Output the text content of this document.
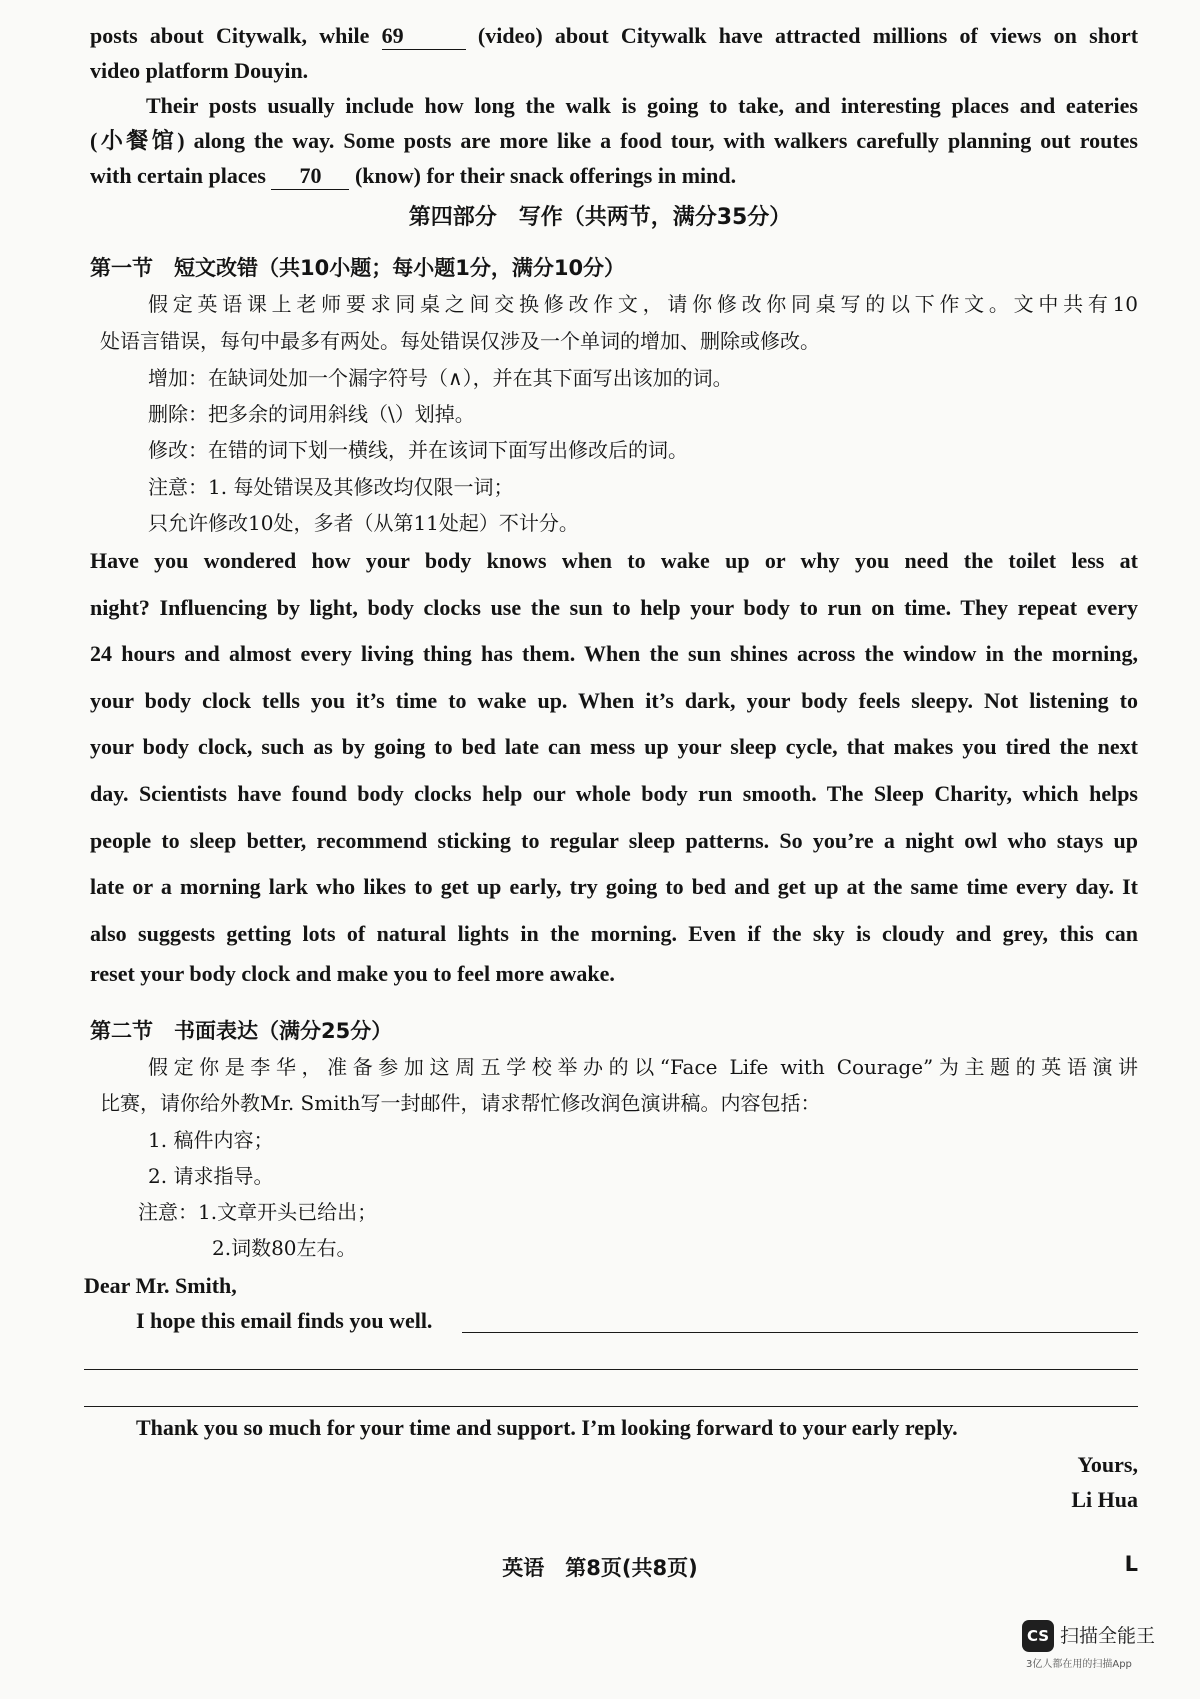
posts about Citywalk, while 69	(video) about Citywalk have attracted millions of views on short
video platform Douyin.
Their posts usually include how long the walk is going to take, and interesting places and eateries
(小餐馆) along the way. Some posts are more like a food tour, with walkers carefully planning out routes
with certain places 70 (know) for their snack offerings in mind.
第四部分　写作（共两节，满分35分）
第一节　短文改错（共10小题；每小题1分，满分10分）
假定英语课上老师要求同桌之间交换修改作文，请你修改你同桌写的以下作文。文中共有10
处语言错误，每句中最多有两处。每处错误仅涉及一个单词的增加、删除或修改。
增加：在缺词处加一个漏字符号（∧），并在其下面写出该加的词。
删除：把多余的词用斜线（\）划掉。
修改：在错的词下划一横线，并在该词下面写出修改后的词。
注意：1. 每处错误及其修改均仅限一词；
只允许修改10处，多者（从第11处起）不计分。
Have you wondered how your body knows when to wake up or why you need the toilet less at
night? Influencing by light, body clocks use the sun to help your body to run on time. They repeat every
24 hours and almost every living thing has them. When the sun shines across the window in the morning,
your body clock tells you it’s time to wake up. When it’s dark, your body feels sleepy. Not listening to
your body clock, such as by going to bed late can mess up your sleep cycle, that makes you tired the next
day. Scientists have found body clocks help our whole body run smooth. The Sleep Charity, which helps
people to sleep better, recommend sticking to regular sleep patterns. So you’re a night owl who stays up
late or a morning lark who likes to get up early, try going to bed and get up at the same time every day. It
also suggests getting lots of natural lights in the morning. Even if the sky is cloudy and grey, this can
reset your body clock and make you to feel more awake.
第二节　书面表达（满分25分）
假定你是李华，准备参加这周五学校举办的以“Face Life with Courage”为主题的英语演讲
比赛，请你给外教Mr. Smith写一封邮件，请求帮忙修改润色演讲稿。内容包括：
1. 稿件内容；
2. 请求指导。
注意：1.文章开头已给出；
2.词数80左右。
Dear Mr. Smith,
I hope this email finds you well.
Thank you so much for your time and support. I’m looking forward to your early reply.
Yours,
Li Hua
英语　第8页(共8页)	L
CS 扫描全能王
3亿人都在用的扫描App
